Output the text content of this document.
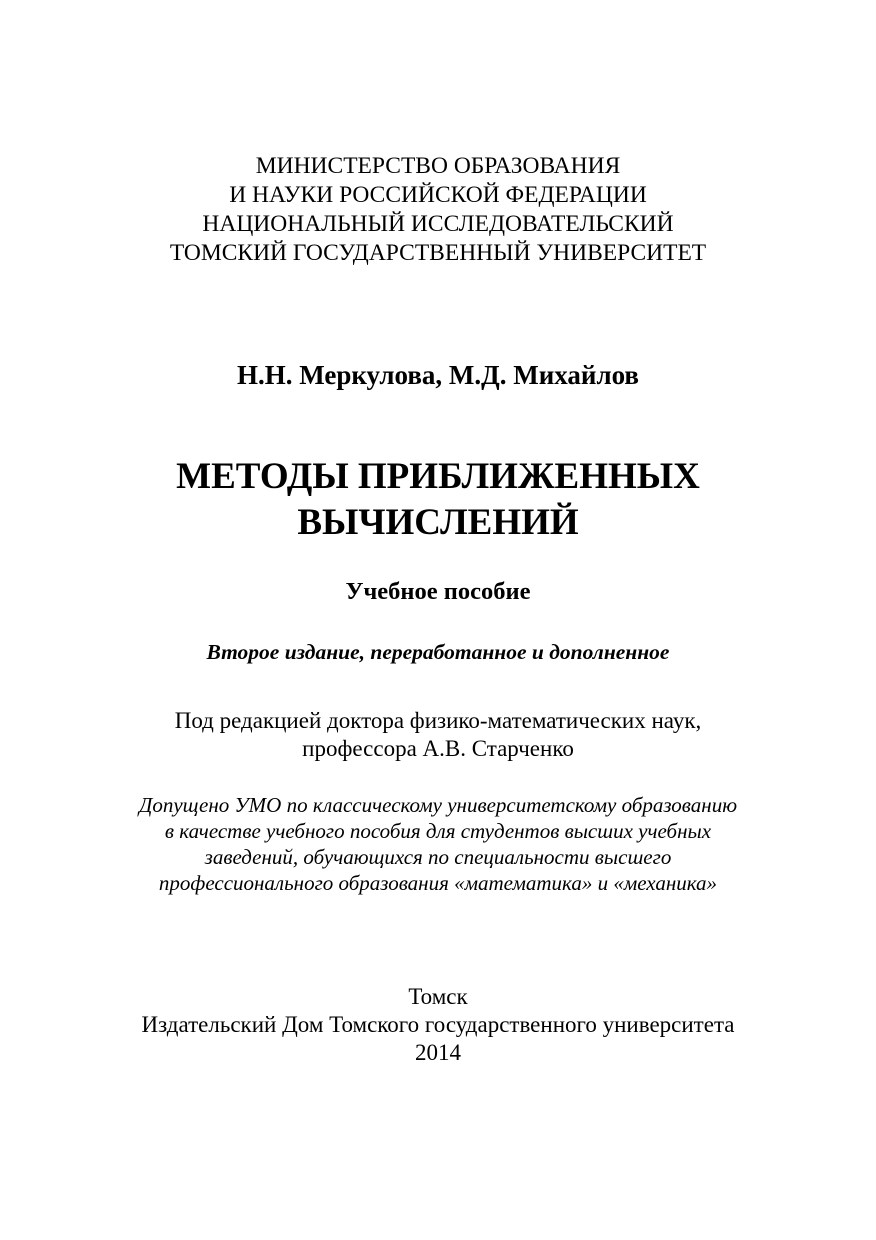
МИНИСТЕРСТВО ОБРАЗОВАНИЯ
И НАУКИ РОССИЙСКОЙ ФЕДЕРАЦИИ
НАЦИОНАЛЬНЫЙ ИССЛЕДОВАТЕЛЬСКИЙ
ТОМСКИЙ ГОСУДАРСТВЕННЫЙ УНИВЕРСИТЕТ
Н.Н. Меркулова, М.Д. Михайлов
МЕТОДЫ ПРИБЛИЖЕННЫХ
ВЫЧИСЛЕНИЙ
Учебное пособие
Второе издание, переработанное и дополненное
Под редакцией доктора физико-математических наук,
профессора А.В. Старченко
Допущено УМО по классическому университетскому образованию
в качестве учебного пособия для студентов высших учебных
заведений, обучающихся по специальности высшего
профессионального образования «математика» и «механика»
Томск
Издательский Дом Томского государственного университета
2014
